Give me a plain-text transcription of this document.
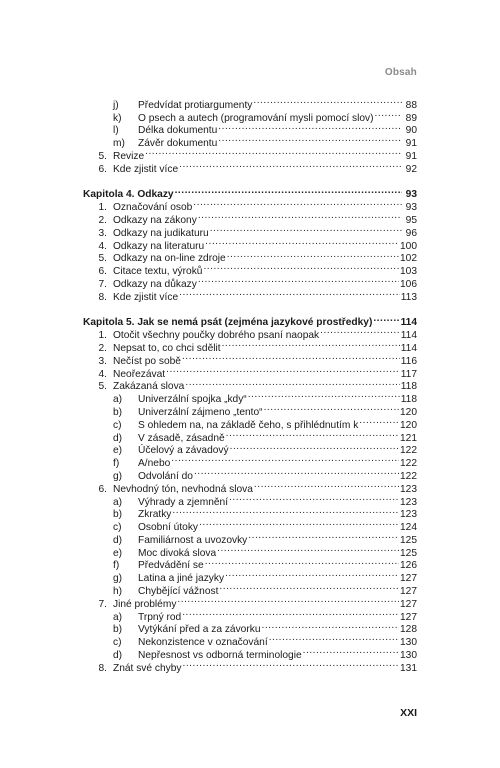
Obsah
j)	Předvídat protiargumenty .....	88
k)	O psech a autech (programování mysli pomocí slov) .....	89
l)	Délka dokumentu .....	90
m) Závěr dokumentu .....	91
5. Revize .....	91
6. Kde zjistit více .....	92
Kapitola 4. Odkazy .....	93
1. Označování osob .....	93
2. Odkazy na zákony .....	95
3. Odkazy na judikaturu .....	96
4. Odkazy na literaturu .....	100
5. Odkazy na on-line zdroje .....	102
6. Citace textu, výroků .....	103
7. Odkazy na důkazy .....	106
8. Kde zjistit více .....	113
Kapitola 5. Jak se nemá psát (zejména jazykové prostředky) .....	114
1. Otočit všechny poučky dobrého psaní naopak .....	114
2. Nepsat to, co chci sdělit .....	114
3. Nečíst po sobě .....	116
4. Neořezávat .....	117
5. Zakázaná slova .....	118
a) Univerzální spojka „kdy“ .....	118
b) Univerzální zájmeno „tento“ .....	120
c)	S ohledem na, na základě čeho, s přihlédnutím k .....	120
d) V zásadě, zásadně .....	121
e) Účelový a závadový .....	122
f)	A/nebo .....	122
g) Odvolání do .....	122
6. Nevhodný tón, nevhodná slova .....	123
a) Výhrady a zjemnění .....	123
b) Zkratky .....	123
c)	Osobní útoky .....	124
d) Familiárnost a uvozovky .....	125
e) Moc divoká slova .....	125
f)	Předvádění se .....	126
g) Latina a jiné jazyky .....	127
h) Chybějící vážnost .....	127
7. Jiné problémy .....	127
a) Trpný rod .....	127
b) Vytýkání před a za závorku .....	128
c)	Nekonzistence v označování .....	130
d) Nepřesnost vs odborná terminologie .....	130
8. Znát své chyby .....	131
XXI
